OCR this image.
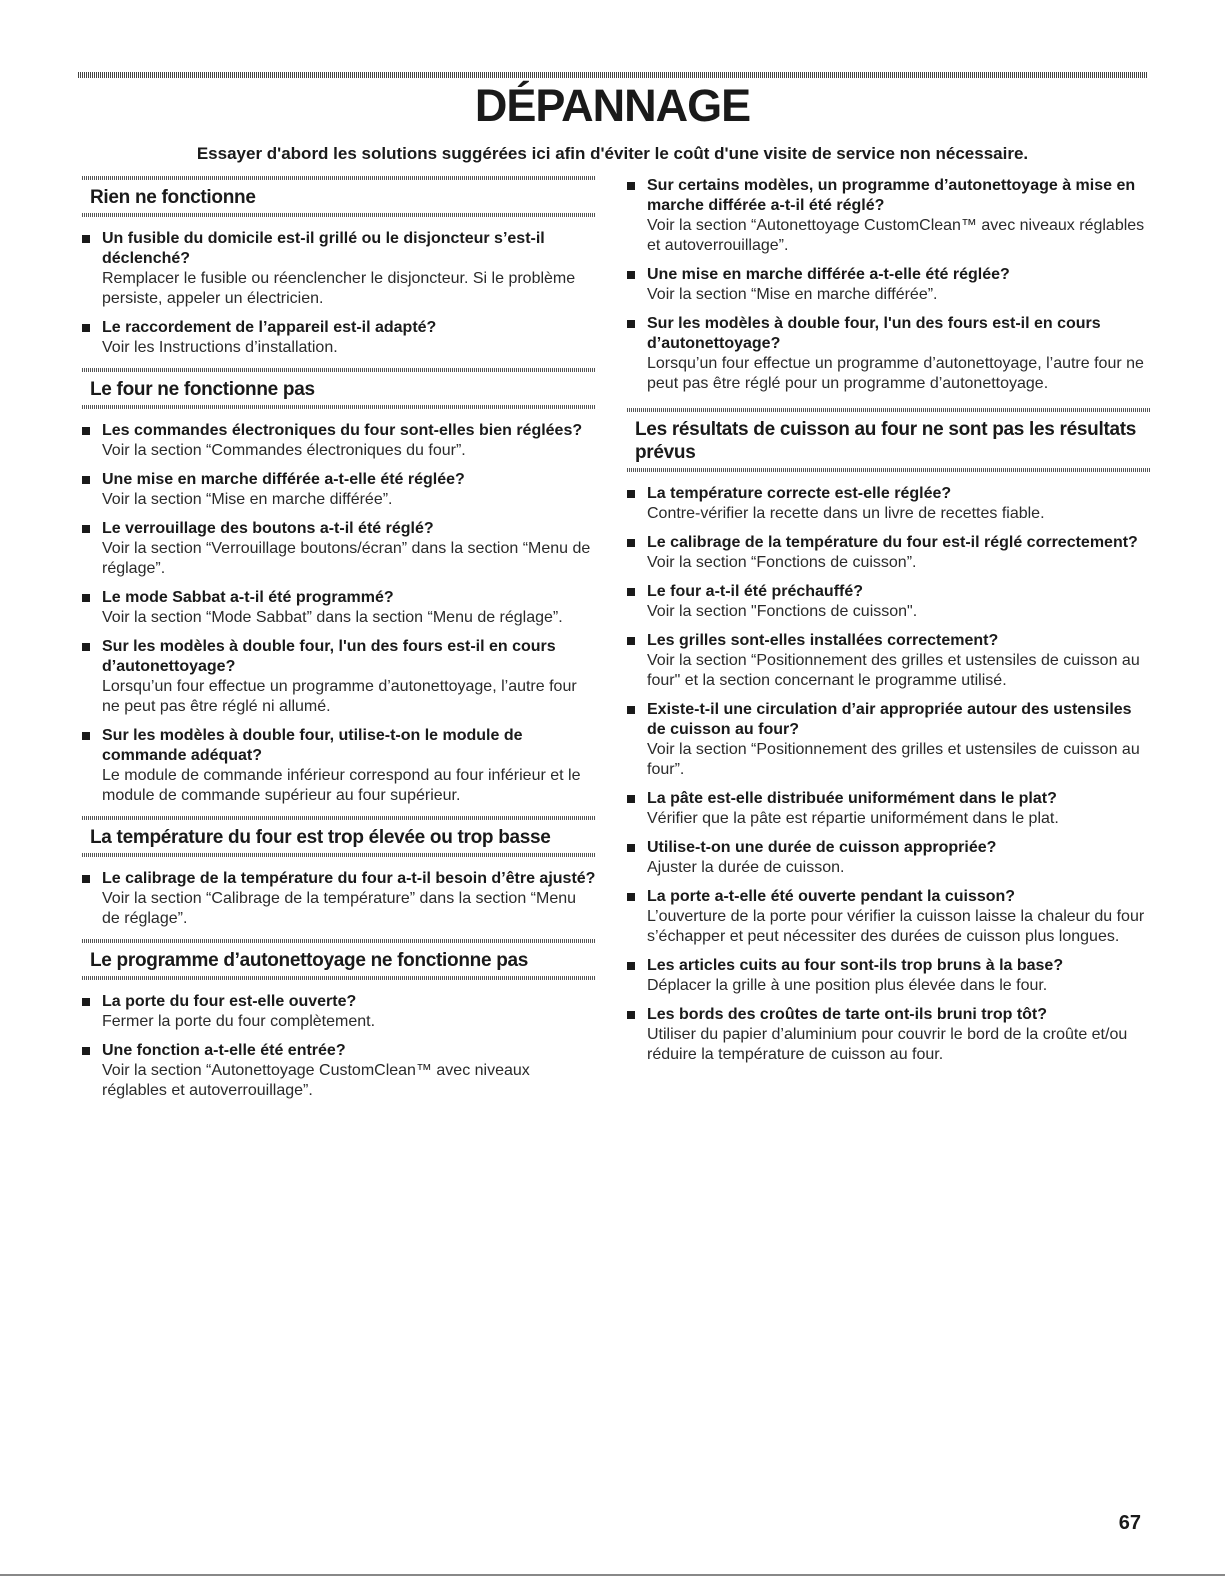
DÉPANNAGE

Essayer d'abord les solutions suggérées ici afin d'éviter le coût d'une visite de service non nécessaire.

Rien ne fonctionne
Un fusible du domicile est-il grillé ou le disjoncteur s’est-il déclenché?
Remplacer le fusible ou réenclencher le disjoncteur. Si le problème persiste, appeler un électricien.
Le raccordement de l’appareil est-il adapté?
Voir les Instructions d’installation.
Le four ne fonctionne pas
Les commandes électroniques du four sont-elles bien réglées?
Voir la section “Commandes électroniques du four”.
Une mise en marche différée a-t-elle été réglée?
Voir la section “Mise en marche différée”.
Le verrouillage des boutons a-t-il été réglé?
Voir la section “Verrouillage boutons/écran” dans la section “Menu de réglage”.
Le mode Sabbat a-t-il été programmé?
Voir la section “Mode Sabbat” dans la section “Menu de réglage”.
Sur les modèles à double four, l'un des fours est-il en cours d’autonettoyage?
Lorsqu’un four effectue un programme d’autonettoyage, l’autre four ne peut pas être réglé ni allumé.
Sur les modèles à double four, utilise-t-on le module de commande adéquat?
Le module de commande inférieur correspond au four inférieur et le module de commande supérieur au four supérieur.
La température du four est trop élevée ou trop basse
Le calibrage de la température du four a-t-il besoin d’être ajusté?
Voir la section “Calibrage de la température” dans la section “Menu de réglage”.
Le programme d’autonettoyage ne fonctionne pas
La porte du four est-elle ouverte?
Fermer la porte du four complètement.
Une fonction a-t-elle été entrée?
Voir la section “Autonettoyage CustomClean™ avec niveaux réglables et autoverrouillage”.
Sur certains modèles, un programme d’autonettoyage à mise en marche différée a-t-il été réglé?
Voir la section “Autonettoyage CustomClean™ avec niveaux réglables et autoverrouillage”.
Une mise en marche différée a-t-elle été réglée?
Voir la section “Mise en marche différée”.
Sur les modèles à double four, l'un des fours est-il en cours d’autonettoyage?
Lorsqu’un four effectue un programme d’autonettoyage, l’autre four ne peut pas être réglé pour un programme d’autonettoyage.
Les résultats de cuisson au four ne sont pas les résultats prévus
La température correcte est-elle réglée?
Contre-vérifier la recette dans un livre de recettes fiable.
Le calibrage de la température du four est-il réglé correctement?
Voir la section “Fonctions de cuisson”.
Le four a-t-il été préchauffé?
Voir la section "Fonctions de cuisson".
Les grilles sont-elles installées correctement?
Voir la section “Positionnement des grilles et ustensiles de cuisson au four" et la section concernant le programme utilisé.
Existe-t-il une circulation d’air appropriée autour des ustensiles de cuisson au four?
Voir la section “Positionnement des grilles et ustensiles de cuisson au four”.
La pâte est-elle distribuée uniformément dans le plat?
Vérifier que la pâte est répartie uniformément dans le plat.
Utilise-t-on une durée de cuisson appropriée?
Ajuster la durée de cuisson.
La porte a-t-elle été ouverte pendant la cuisson?
L’ouverture de la porte pour vérifier la cuisson laisse la chaleur du four s’échapper et peut nécessiter des durées de cuisson plus longues.
Les articles cuits au four sont-ils trop bruns à la base?
Déplacer la grille à une position plus élevée dans le four.
Les bords des croûtes de tarte ont-ils bruni trop tôt?
Utiliser du papier d’aluminium pour couvrir le bord de la croûte et/ou réduire la température de cuisson au four.
67
